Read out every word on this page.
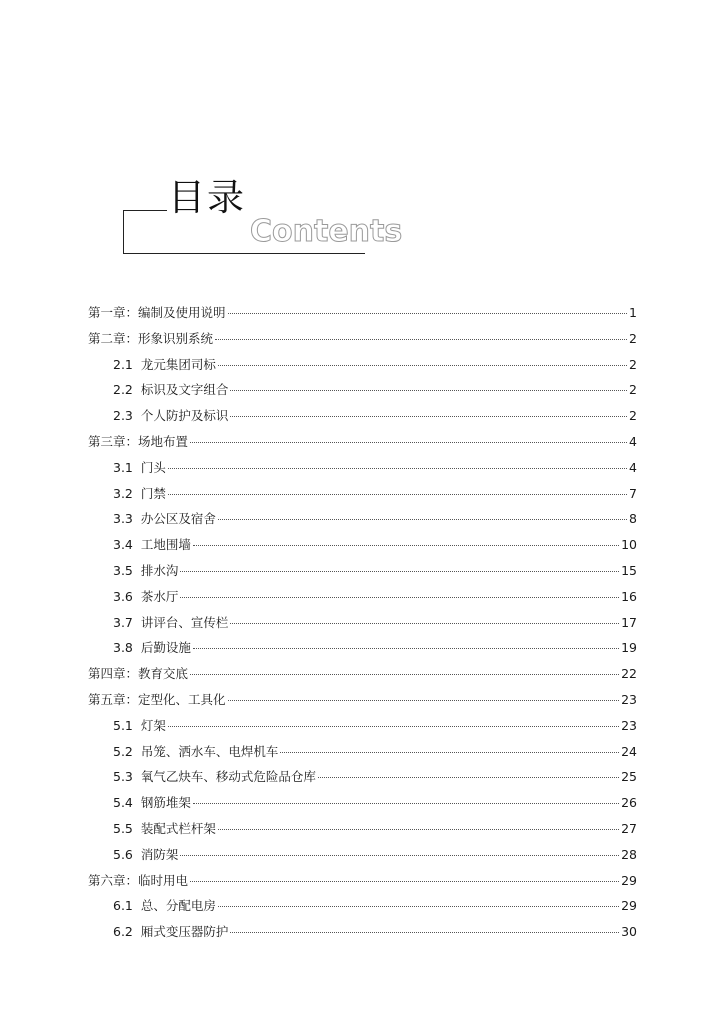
目录
Contents
第一章：编制及使用说明	1
第二章：形象识别系统	2
2.1 龙元集团司标	2
2.2 标识及文字组合	2
2.3 个人防护及标识	2
第三章：场地布置	4
3.1 门头	4
3.2 门禁	7
3.3 办公区及宿舍	8
3.4 工地围墙	10
3.5 排水沟	15
3.6 茶水厅	16
3.7 讲评台、宣传栏	17
3.8 后勤设施	19
第四章：教育交底	22
第五章：定型化、工具化	23
5.1 灯架	23
5.2 吊笼、洒水车、电焊机车	24
5.3 氧气乙炔车、移动式危险品仓库	25
5.4 钢筋堆架	26
5.5 装配式栏杆架	27
5.6 消防架	28
第六章：临时用电	29
6.1 总、分配电房	29
6.2 厢式变压器防护	30
